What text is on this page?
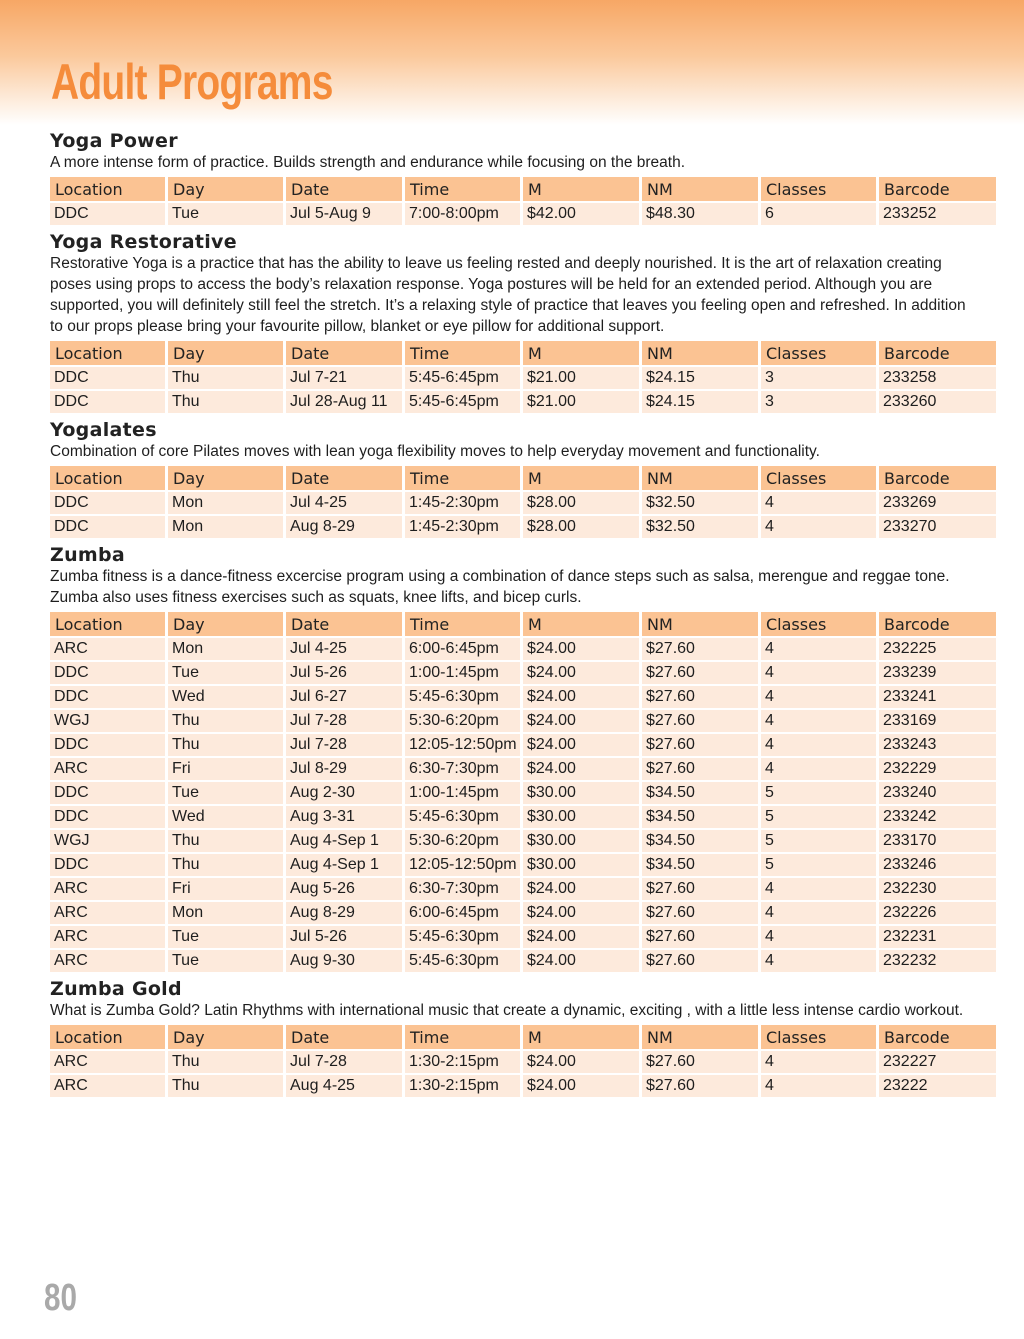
Adult Programs
Yoga Power

A more intense form of practice. Builds strength and endurance while focusing on the breath.

Location	Day	Date	Time	M	NM	Classes	Barcode
DDC	Tue	Jul 5-Aug 9	7:00-8:00pm	$42.00	$48.30	6	233252
Yoga Restorative

Restorative Yoga is a practice that has the ability to leave us feeling rested and deeply nourished. It is the art of relaxation creating poses using props to access the body’s relaxation response. Yoga postures will be held for an extended period. Although you are supported, you will definitely still feel the stretch. It’s a relaxing style of practice that leaves you feeling open and refreshed. In addition to our props please bring your favourite pillow, blanket or eye pillow for additional support.

Location	Day	Date	Time	M	NM	Classes	Barcode
DDC	Thu	Jul 7-21	5:45-6:45pm	$21.00	$24.15	3	233258
DDC	Thu	Jul 28-Aug 11	5:45-6:45pm	$21.00	$24.15	3	233260
Yogalates

Combination of core Pilates moves with lean yoga flexibility moves to help everyday movement and functionality.

Location	Day	Date	Time	M	NM	Classes	Barcode
DDC	Mon	Jul 4-25	1:45-2:30pm	$28.00	$32.50	4	233269
DDC	Mon	Aug 8-29	1:45-2:30pm	$28.00	$32.50	4	233270
Zumba

Zumba fitness is a dance-fitness excercise program using a combination of dance steps such as salsa, merengue and reggae tone. Zumba also uses fitness exercises such as squats, knee lifts, and bicep curls.

Location	Day	Date	Time	M	NM	Classes	Barcode
ARC	Mon	Jul 4-25	6:00-6:45pm	$24.00	$27.60	4	232225
DDC	Tue	Jul 5-26	1:00-1:45pm	$24.00	$27.60	4	233239
DDC	Wed	Jul 6-27	5:45-6:30pm	$24.00	$27.60	4	233241
WGJ	Thu	Jul 7-28	5:30-6:20pm	$24.00	$27.60	4	233169
DDC	Thu	Jul 7-28	12:05-12:50pm	$24.00	$27.60	4	233243
ARC	Fri	Jul 8-29	6:30-7:30pm	$24.00	$27.60	4	232229
DDC	Tue	Aug 2-30	1:00-1:45pm	$30.00	$34.50	5	233240
DDC	Wed	Aug 3-31	5:45-6:30pm	$30.00	$34.50	5	233242
WGJ	Thu	Aug 4-Sep 1	5:30-6:20pm	$30.00	$34.50	5	233170
DDC	Thu	Aug 4-Sep 1	12:05-12:50pm	$30.00	$34.50	5	233246
ARC	Fri	Aug 5-26	6:30-7:30pm	$24.00	$27.60	4	232230
ARC	Mon	Aug 8-29	6:00-6:45pm	$24.00	$27.60	4	232226
ARC	Tue	Jul 5-26	5:45-6:30pm	$24.00	$27.60	4	232231
ARC	Tue	Aug 9-30	5:45-6:30pm	$24.00	$27.60	4	232232
Zumba Gold

What is Zumba Gold? Latin Rhythms with international music that create a dynamic, exciting , with a little less intense cardio workout.

Location	Day	Date	Time	M	NM	Classes	Barcode
ARC	Thu	Jul 7-28	1:30-2:15pm	$24.00	$27.60	4	232227
ARC	Thu	Aug 4-25	1:30-2:15pm	$24.00	$27.60	4	23222
80
